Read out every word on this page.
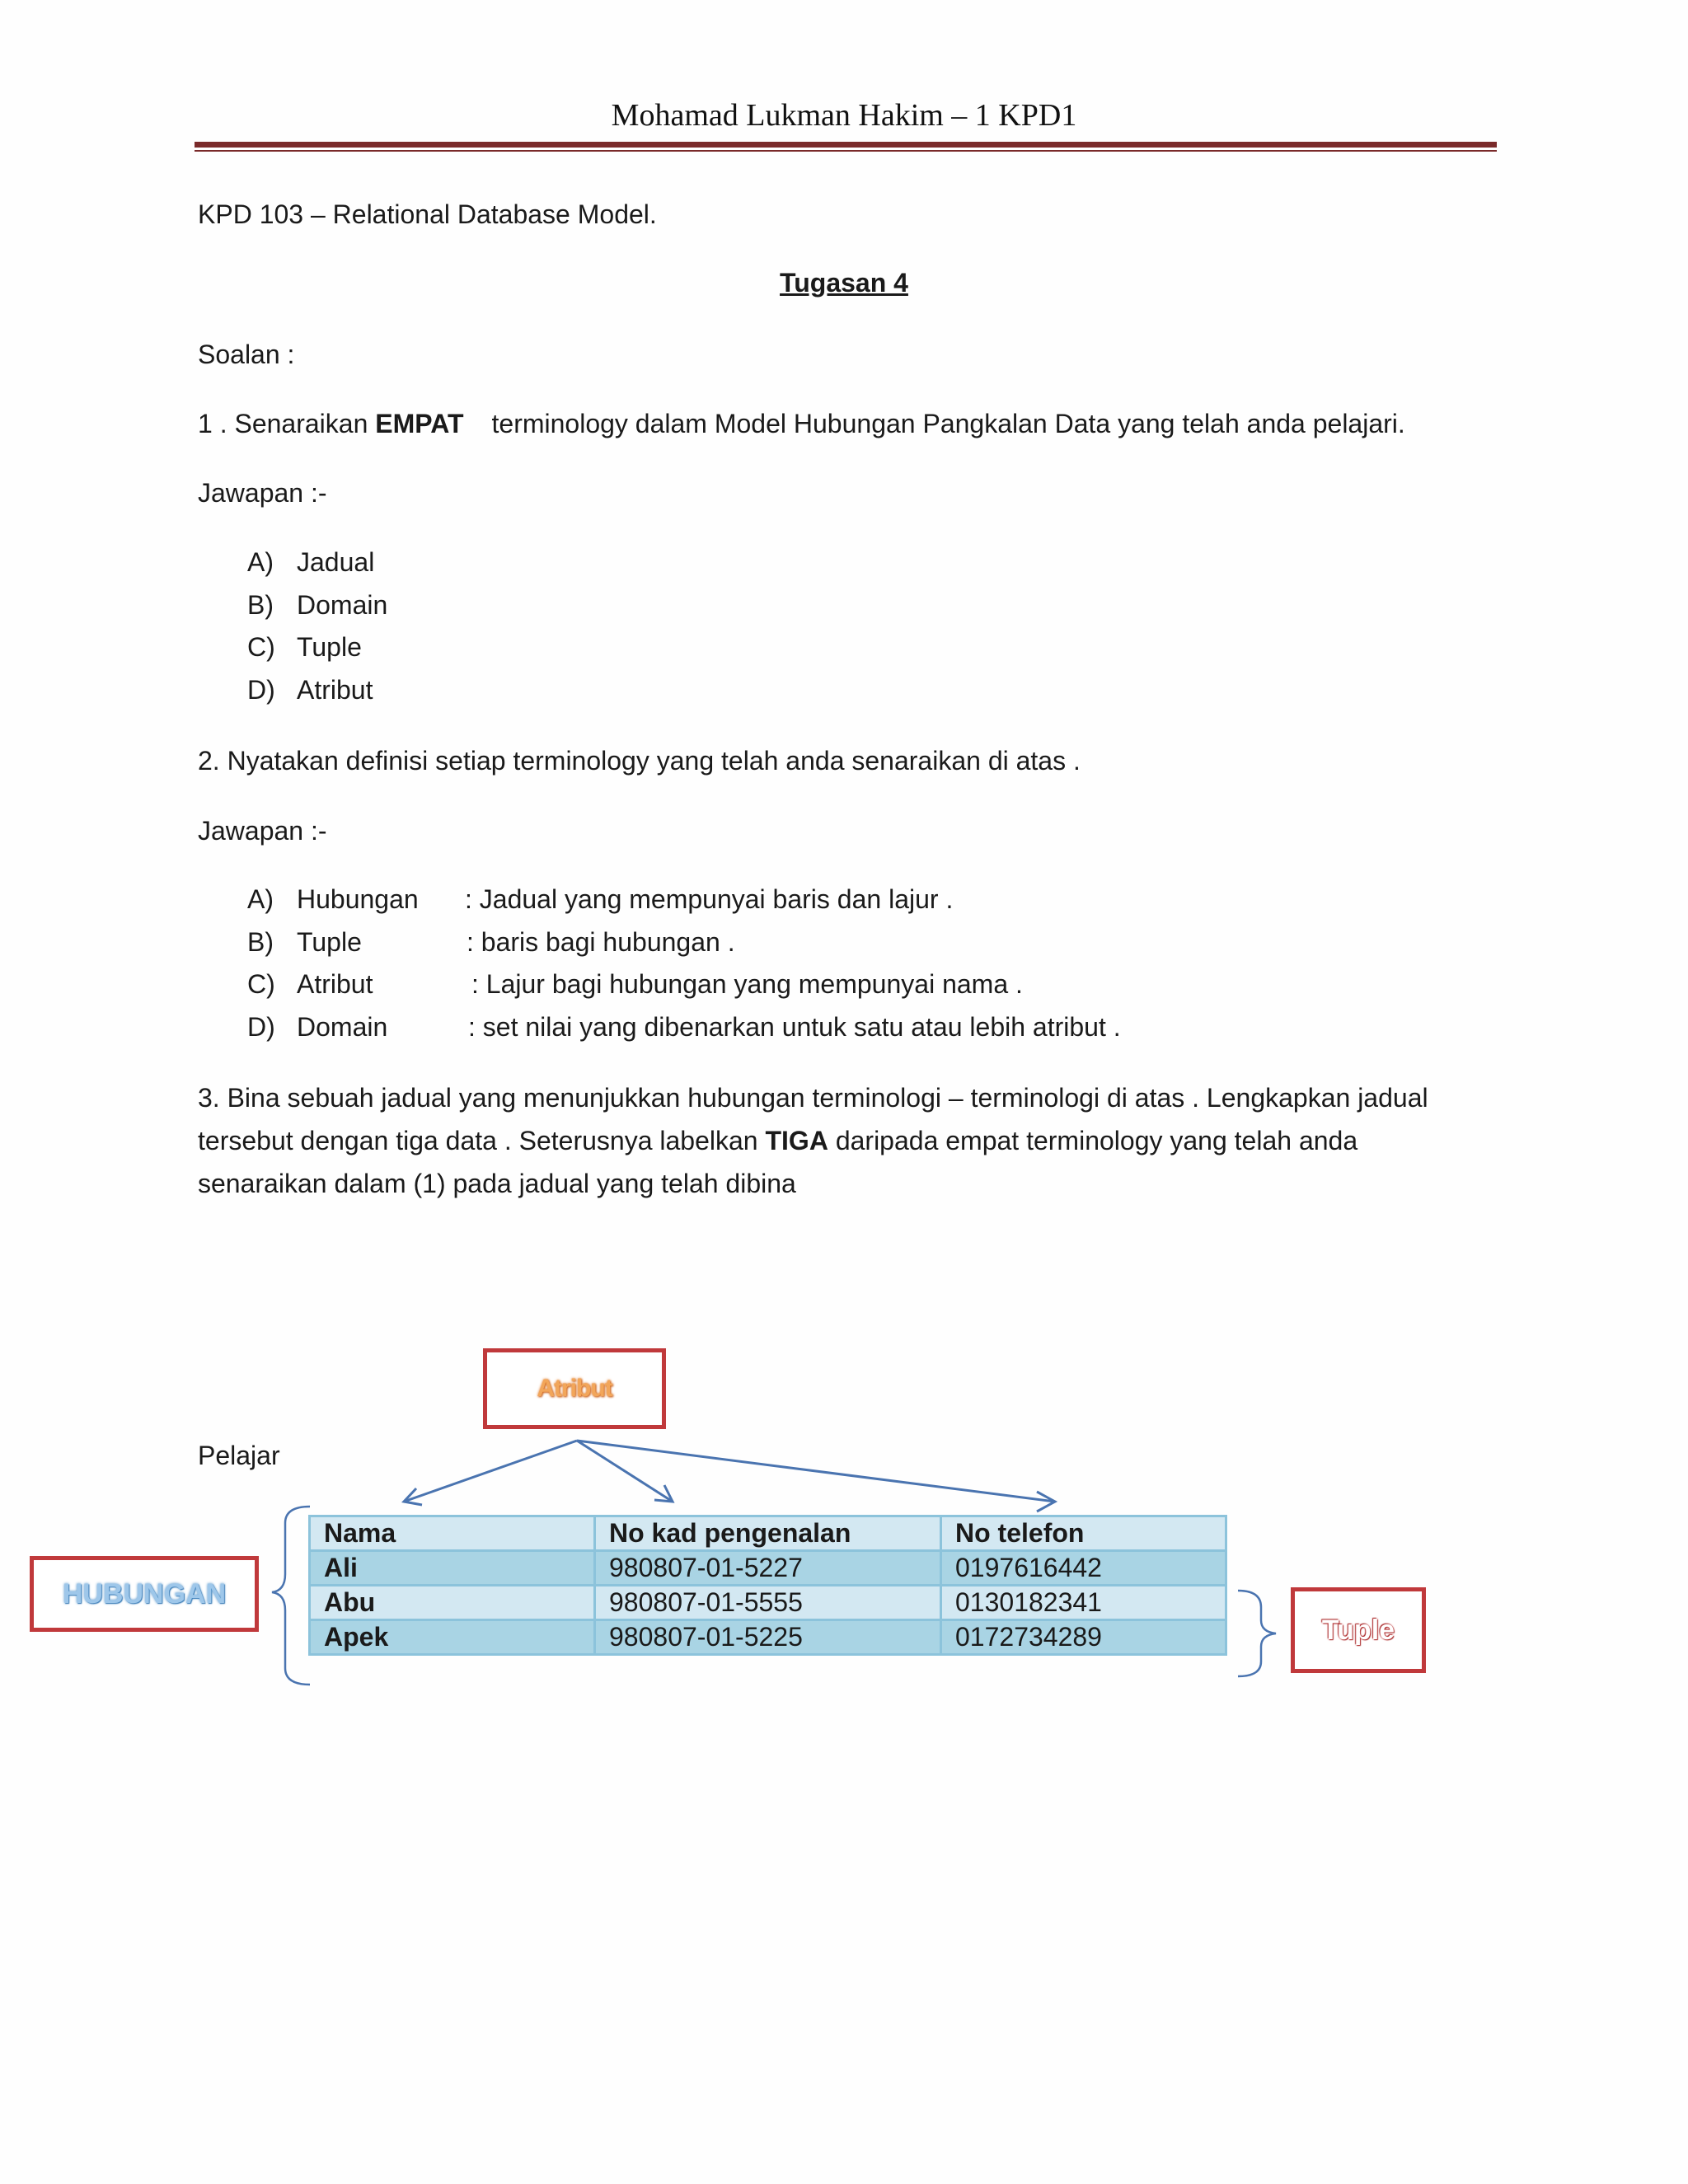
Mohamad Lukman Hakim – 1 KPD1
KPD 103 – Relational Database Model.
Tugasan 4
Soalan :
1 . Senaraikan EMPAT terminology dalam Model Hubungan Pangkalan Data yang telah anda pelajari.
Jawapan :-
A) Jadual
B) Domain
C) Tuple
D) Atribut
2. Nyatakan definisi setiap terminology yang telah anda senaraikan di atas .
Jawapan :-
A) Hubungan : Jadual yang mempunyai baris dan lajur .
B) Tuple	: baris bagi hubungan .
C) Atribut	: Lajur bagi hubungan yang mempunyai nama .
D) Domain	: set nilai yang dibenarkan untuk satu atau lebih atribut .
3. Bina sebuah jadual yang menunjukkan hubungan terminologi – terminologi di atas . Lengkapkan jadual tersebut dengan tiga data . Seterusnya labelkan TIGA daripada empat terminology yang telah anda senaraikan dalam (1) pada jadual yang telah dibina
Atribut
Pelajar
HUBUNGAN
Tuple
Nama	No kad pengenalan	No telefon
Ali	980807-01-5227	0197616442
Abu	980807-01-5555	0130182341
Apek	980807-01-5225	0172734289
